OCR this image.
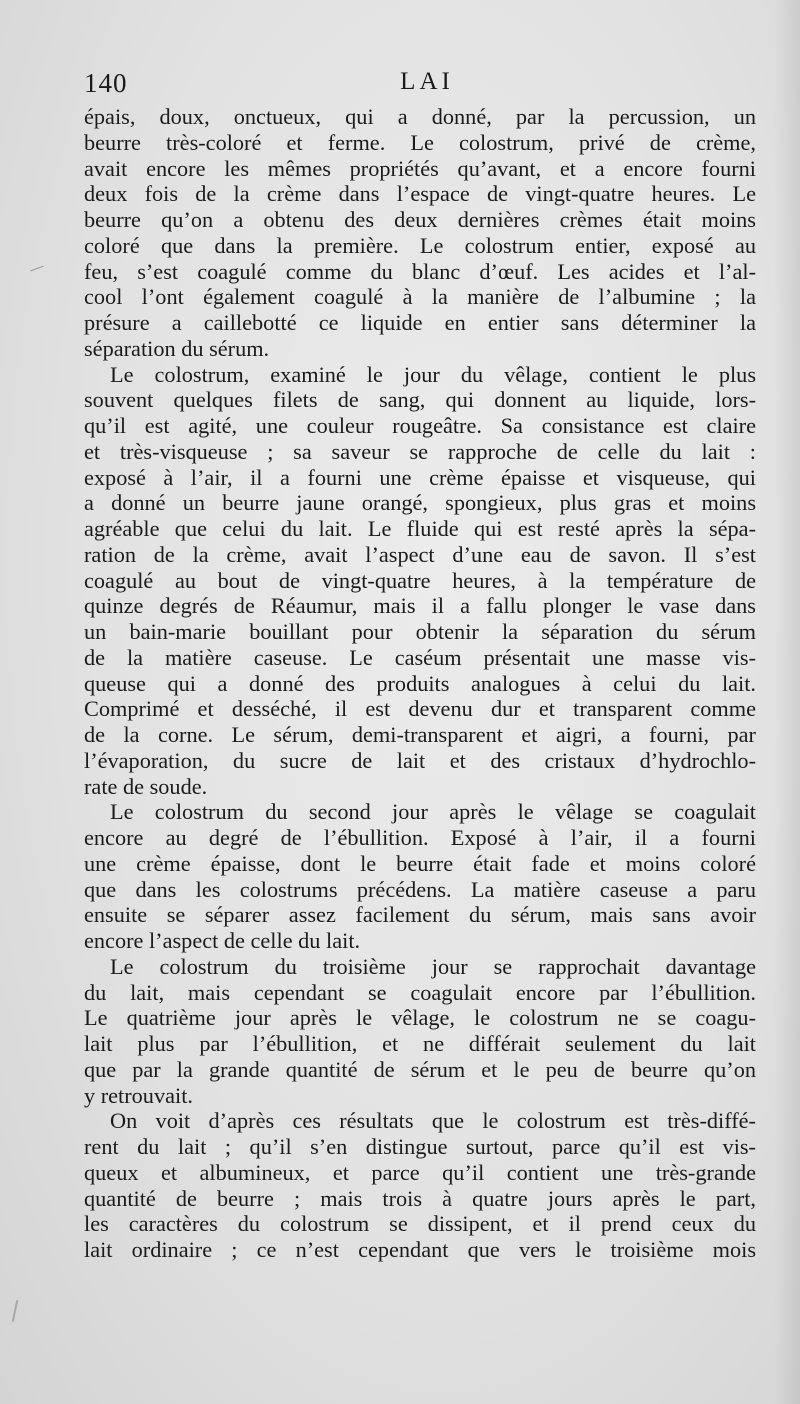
140	LAI

épais, doux, onctueux, qui a donné, par la percussion, un

beurre très-coloré et ferme. Le colostrum, privé de crème,

avait encore les mêmes propriétés qu’avant, et a encore fourni

deux fois de la crème dans l’espace de vingt-quatre heures. Le

beurre qu’on a obtenu des deux dernières crèmes était moins

coloré que dans la première. Le colostrum entier, exposé au

feu, s’est coagulé comme du blanc d’œuf. Les acides et l’al-

cool l’ont également coagulé à la manière de l’albumine ; la

présure a caillebotté ce liquide en entier sans déterminer la

séparation du sérum.

Le colostrum, examiné le jour du vêlage, contient le plus

souvent quelques filets de sang, qui donnent au liquide, lors-

qu’il est agité, une couleur rougeâtre. Sa consistance est claire

et très-visqueuse ; sa saveur se rapproche de celle du lait :

exposé à l’air, il a fourni une crème épaisse et visqueuse, qui

a donné un beurre jaune orangé, spongieux, plus gras et moins

agréable que celui du lait. Le fluide qui est resté après la sépa-

ration de la crème, avait l’aspect d’une eau de savon. Il s’est

coagulé au bout de vingt-quatre heures, à la température de

quinze degrés de Réaumur, mais il a fallu plonger le vase dans

un bain-marie bouillant pour obtenir la séparation du sérum

de la matière caseuse. Le caséum présentait une masse vis-

queuse qui a donné des produits analogues à celui du lait.

Comprimé et desséché, il est devenu dur et transparent comme

de la corne. Le sérum, demi-transparent et aigri, a fourni, par

l’évaporation, du sucre de lait et des cristaux d’hydrochlo-

rate de soude.

Le colostrum du second jour après le vêlage se coagulait

encore au degré de l’ébullition. Exposé à l’air, il a fourni

une crème épaisse, dont le beurre était fade et moins coloré

que dans les colostrums précédens. La matière caseuse a paru

ensuite se séparer assez facilement du sérum, mais sans avoir

encore l’aspect de celle du lait.

Le colostrum du troisième jour se rapprochait davantage

du lait, mais cependant se coagulait encore par l’ébullition.

Le quatrième jour après le vêlage, le colostrum ne se coagu-

lait plus par l’ébullition, et ne différait seulement du lait

que par la grande quantité de sérum et le peu de beurre qu’on

y retrouvait.

On voit d’après ces résultats que le colostrum est très-diffé-

rent du lait ; qu’il s’en distingue surtout, parce qu’il est vis-

queux et albumineux, et parce qu’il contient une très-grande

quantité de beurre ; mais trois à quatre jours après le part,

les caractères du colostrum se dissipent, et il prend ceux du

lait ordinaire ; ce n’est cependant que vers le troisième mois
